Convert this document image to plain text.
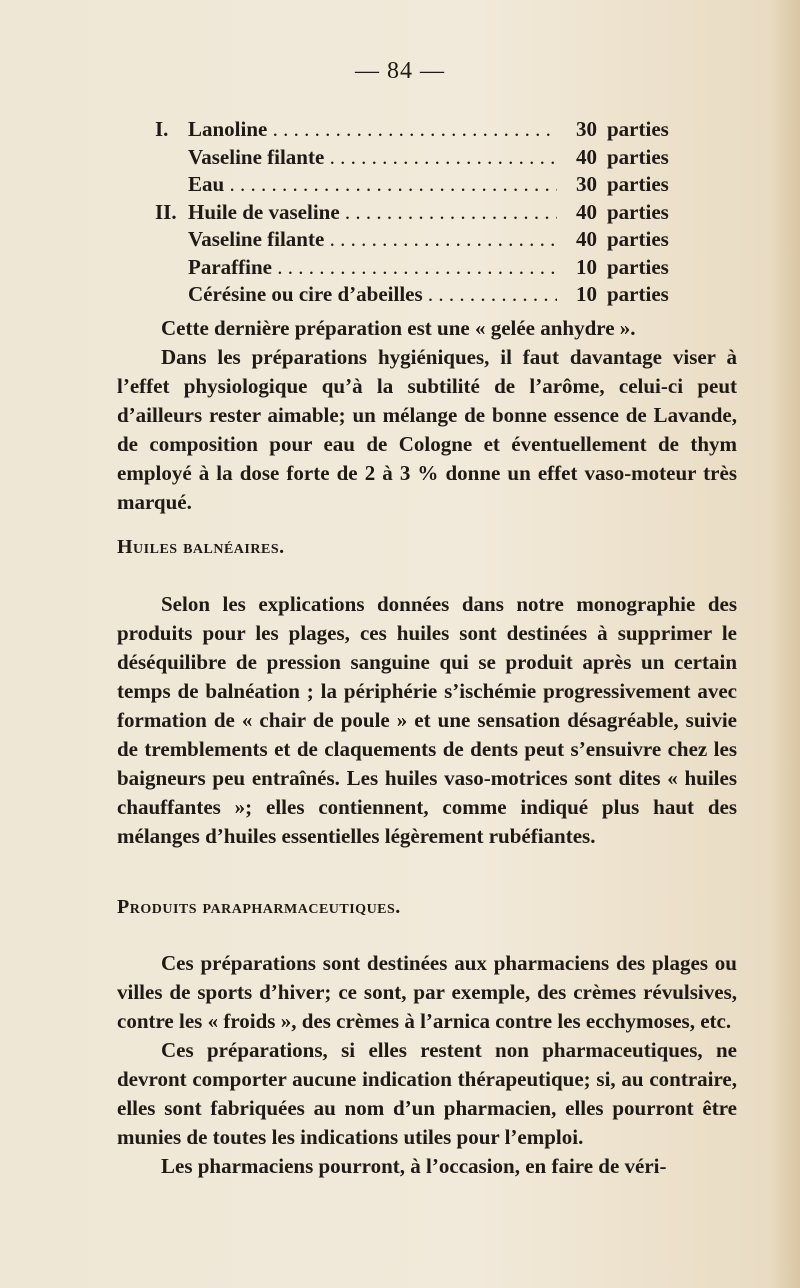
— 84 —
I. Lanoline . . .	30 parties
Vaseline filante . . .	40 parties
Eau . . .	30 parties
II. Huile de vaseline . . .	40 parties
Vaseline filante . . .	40 parties
Paraffine . . .	10 parties
Cérésine ou cire d’abeilles . . .	10 parties

Cette dernière préparation est une « gelée anhydre ».

Dans les préparations hygiéniques, il faut davantage viser à l’effet physiologique qu’à la subtilité de l’arôme, celui-ci peut d’ailleurs rester aimable; un mélange de bonne essence de Lavande, de composition pour eau de Cologne et éventuellement de thym employé à la dose forte de 2 à 3 % donne un effet vaso-moteur très marqué.

Huiles balnéaires.

Selon les explications données dans notre monographie des produits pour les plages, ces huiles sont destinées à supprimer le déséquilibre de pression sanguine qui se produit après un certain temps de balnéation ; la périphérie s’ischémie progressivement avec formation de « chair de poule » et une sensation désagréable, suivie de tremblements et de claquements de dents peut s’ensuivre chez les baigneurs peu entraînés. Les huiles vaso-motrices sont dites « huiles chauffantes »; elles contiennent, comme indiqué plus haut des mélanges d’huiles essentielles légèrement rubéfiantes.

Produits parapharmaceutiques.

Ces préparations sont destinées aux pharmaciens des plages ou villes de sports d’hiver; ce sont, par exemple, des crèmes révulsives, contre les « froids », des crèmes à l’arnica contre les ecchymoses, etc.

Ces préparations, si elles restent non pharmaceutiques, ne devront comporter aucune indication thérapeutique; si, au contraire, elles sont fabriquées au nom d’un pharmacien, elles pourront être munies de toutes les indications utiles pour l’emploi.

Les pharmaciens pourront, à l’occasion, en faire de véri-
